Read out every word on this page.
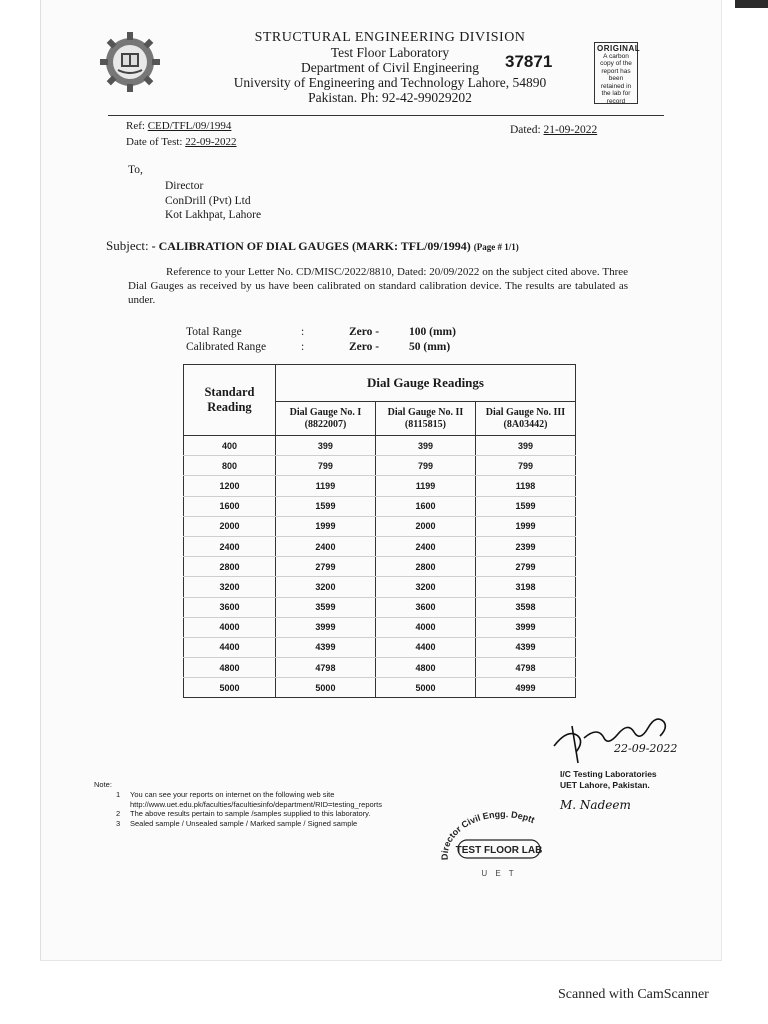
STRUCTURAL ENGINEERING DIVISION
Test Floor Laboratory
Department of Civil Engineering
University of Engineering and Technology Lahore, 54890
Pakistan. Ph: 92-42-99029202
37871
ORIGINAL
A carbon copy of the report has been retained in the lab for record
Ref: CED/TFL/09/1994	Dated: 21-09-2022
Date of Test: 22-09-2022
To,
Director
ConDrill (Pvt) Ltd
Kot Lakhpat, Lahore
Subject: - CALIBRATION OF DIAL GAUGES (MARK: TFL/09/1994) (Page # 1/1)
Reference to your Letter No. CD/MISC/2022/8810, Dated: 20/09/2022 on the subject cited above. Three Dial Gauges as received by us have been calibrated on standard calibration device. The results are tabulated as under.
Total Range	:	Zero -	100 (mm)
Calibrated Range	:	Zero -	50 (mm)
Standard Reading	Dial Gauge Readings		
	Dial Gauge No. I (8822007)	Dial Gauge No. II (8115815)	Dial Gauge No. III (8A03442)
400	399	399	399
800	799	799	799
1200	1199	1199	1198
1600	1599	1600	1599
2000	1999	2000	1999
2400	2400	2400	2399
2800	2799	2800	2799
3200	3200	3200	3198
3600	3599	3600	3598
4000	3999	4000	3999
4400	4399	4400	4399
4800	4798	4800	4798
5000	5000	5000	4999
22-09-2022
I/C Testing Laboratories
UET Lahore, Pakistan.
M. Nadeem
Director Civil Engg. Deptt
TEST FLOOR LAB
U E T
Note:
1 You can see your reports on internet on the following web site
http://www.uet.edu.pk/faculties/facultiesinfo/department/RID=testing_reports
2 The above results pertain to sample /samples supplied to this laboratory.
3 Sealed sample / Unsealed sample / Marked sample / Signed sample
Scanned with CamScanner
